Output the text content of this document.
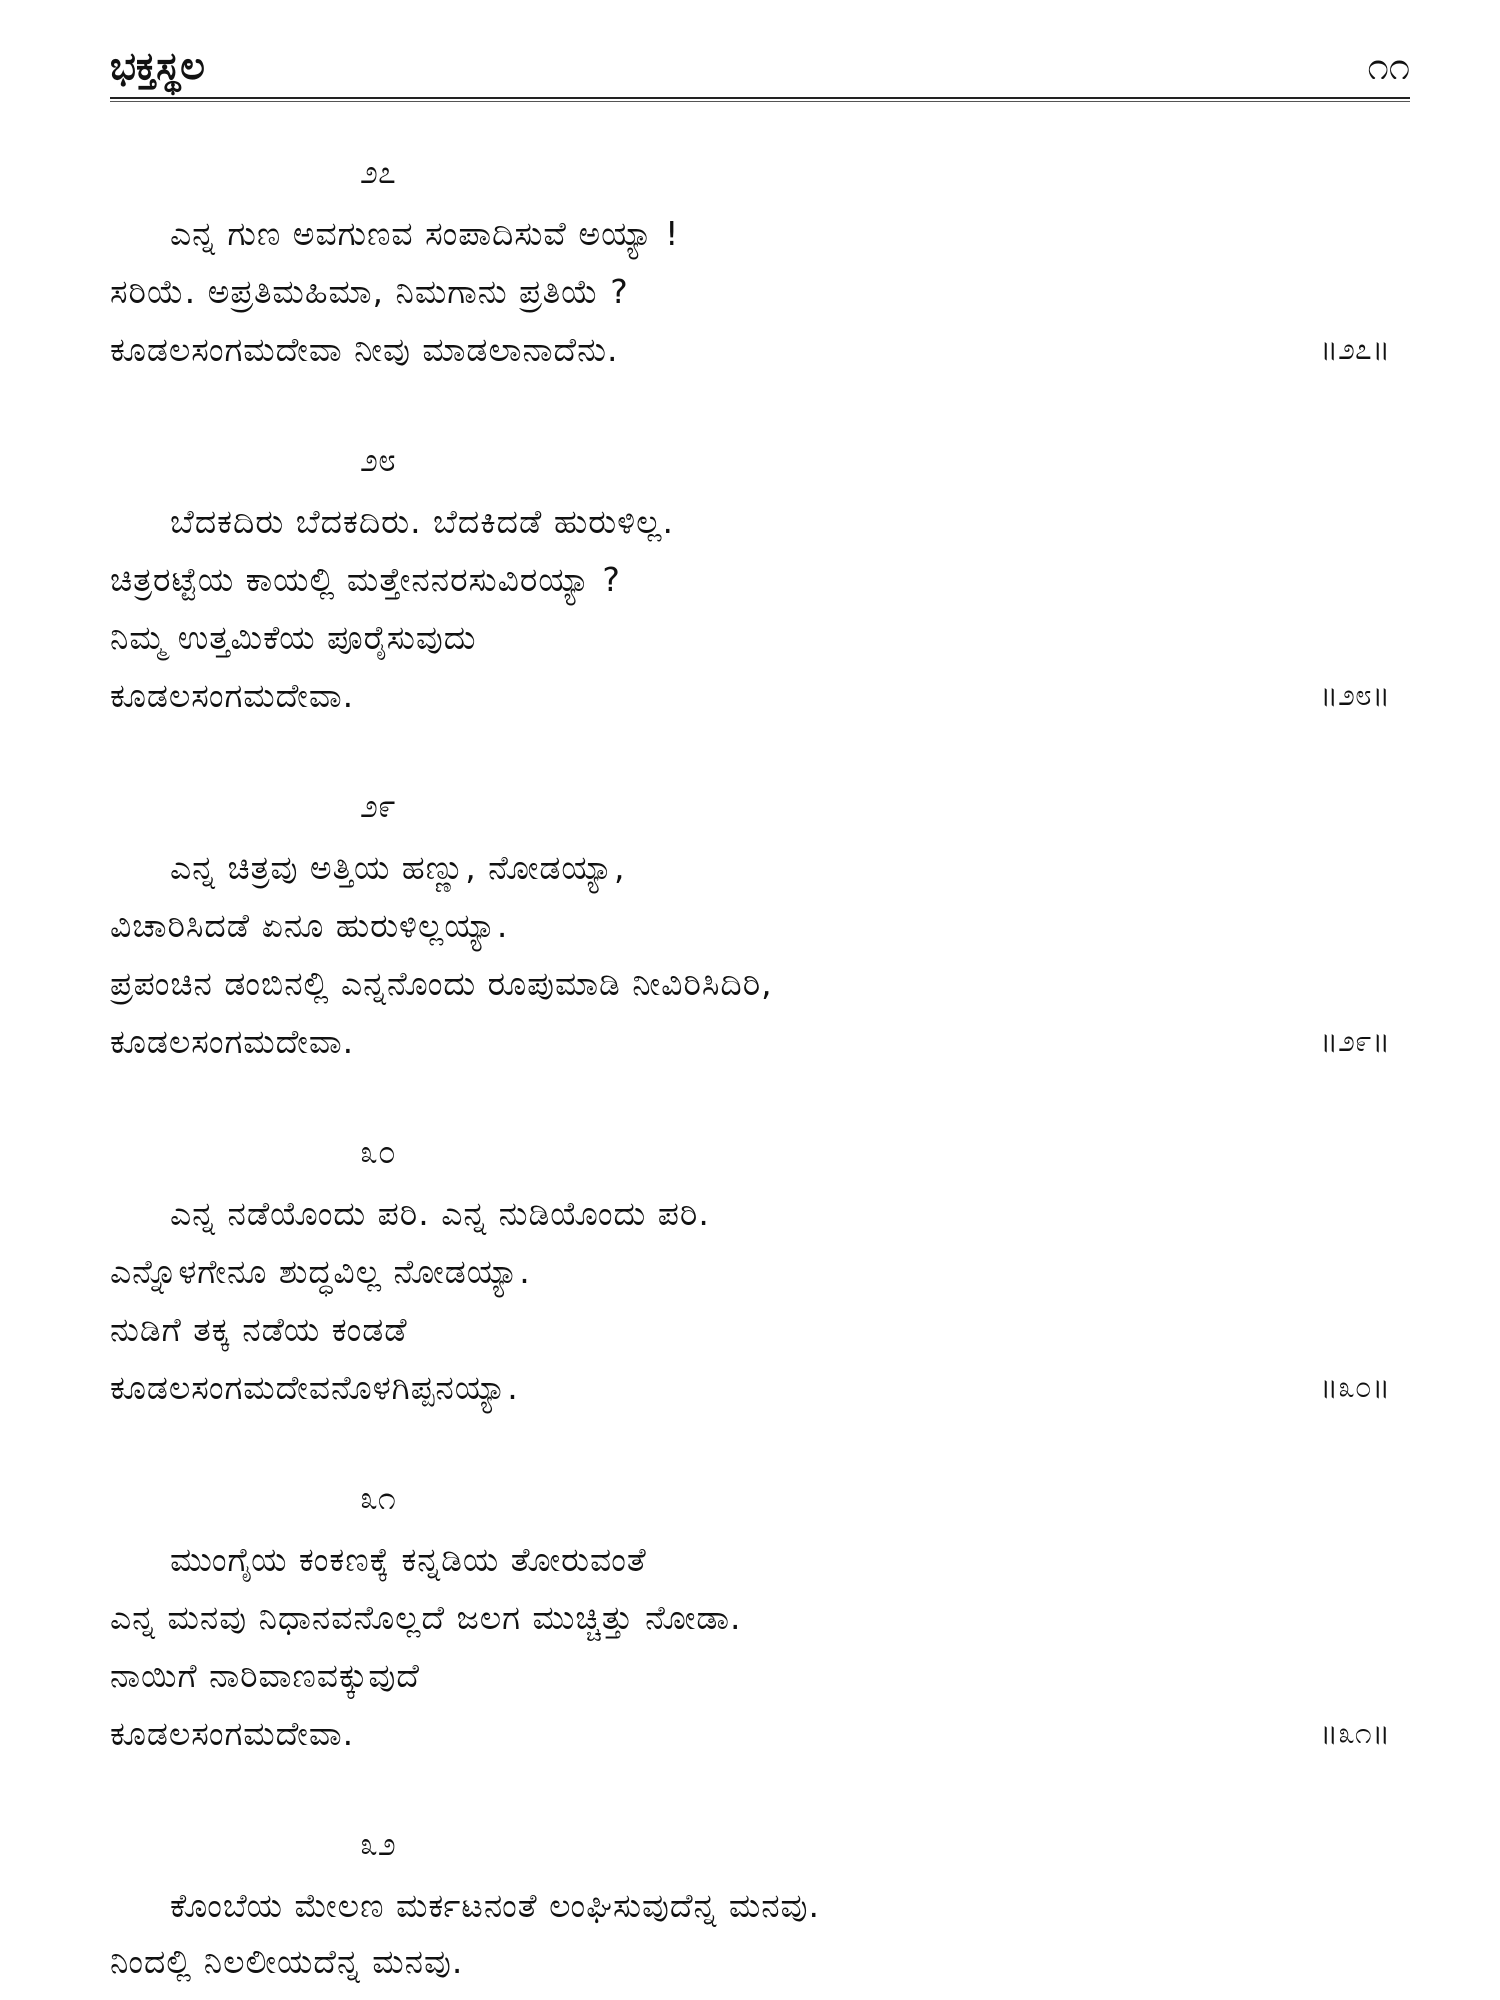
ಭಕ್ತಸ್ಥಲ	೧೧
೨೭
ಎನ್ನ ಗುಣ ಅವಗುಣವ ಸಂಪಾದಿಸುವೆ ಅಯ್ಯಾ !
ಸರಿಯೆ. ಅಪ್ರತಿಮಹಿಮಾ, ನಿಮಗಾನು ಪ್ರತಿಯೆ ?
ಕೂಡಲಸಂಗಮದೇವಾ ನೀವು ಮಾಡಲಾನಾದೆನು.	॥೨೭॥
೨೮
ಬೆದಕದಿರು ಬೆದಕದಿರು. ಬೆದಕಿದಡೆ ಹುರುಳಿಲ್ಲ.
ಚಿತ್ರರಟ್ಟೆಯ ಕಾಯಲ್ಲಿ ಮತ್ತೇನನರಸುವಿರಯ್ಯಾ ?
ನಿಮ್ಮ ಉತ್ತಮಿಕೆಯ ಪೂರೈಸುವುದು
ಕೂಡಲಸಂಗಮದೇವಾ.	॥೨೮॥
೨೯
ಎನ್ನ ಚಿತ್ರವು ಅತ್ತಿಯ ಹಣ್ಣು, ನೋಡಯ್ಯಾ,
ವಿಚಾರಿಸಿದಡೆ ಏನೂ ಹುರುಳಿಲ್ಲಯ್ಯಾ.
ಪ್ರಪಂಚಿನ ಡಂಬಿನಲ್ಲಿ ಎನ್ನನೊಂದು ರೂಪುಮಾಡಿ ನೀವಿರಿಸಿದಿರಿ,
ಕೂಡಲಸಂಗಮದೇವಾ.	॥೨೯॥
೩೦
ಎನ್ನ ನಡೆಯೊಂದು ಪರಿ. ಎನ್ನ ನುಡಿಯೊಂದು ಪರಿ.
ಎನ್ನೊಳಗೇನೂ ಶುದ್ಧವಿಲ್ಲ ನೋಡಯ್ಯಾ.
ನುಡಿಗೆ ತಕ್ಕ ನಡೆಯ ಕಂಡಡೆ
ಕೂಡಲಸಂಗಮದೇವನೊಳಗಿಪ್ಪನಯ್ಯಾ.	॥೩೦॥
೩೧
ಮುಂಗೈಯ ಕಂಕಣಕ್ಕೆ ಕನ್ನಡಿಯ ತೋರುವಂತೆ
ಎನ್ನ ಮನವು ನಿಧಾನವನೊಲ್ಲದೆ ಜಲಗ ಮುಚ್ಚಿತ್ತು ನೋಡಾ.
ನಾಯಿಗೆ ನಾರಿವಾಣವಕ್ಕುವುದೆ
ಕೂಡಲಸಂಗಮದೇವಾ.	॥೩೧॥
೩೨
ಕೊಂಬೆಯ ಮೇಲಣ ಮರ್ಕಟನಂತೆ ಲಂಘಿಸುವುದೆನ್ನ ಮನವು.
ನಿಂದಲ್ಲಿ ನಿಲಲೀಯದೆನ್ನ ಮನವು.
